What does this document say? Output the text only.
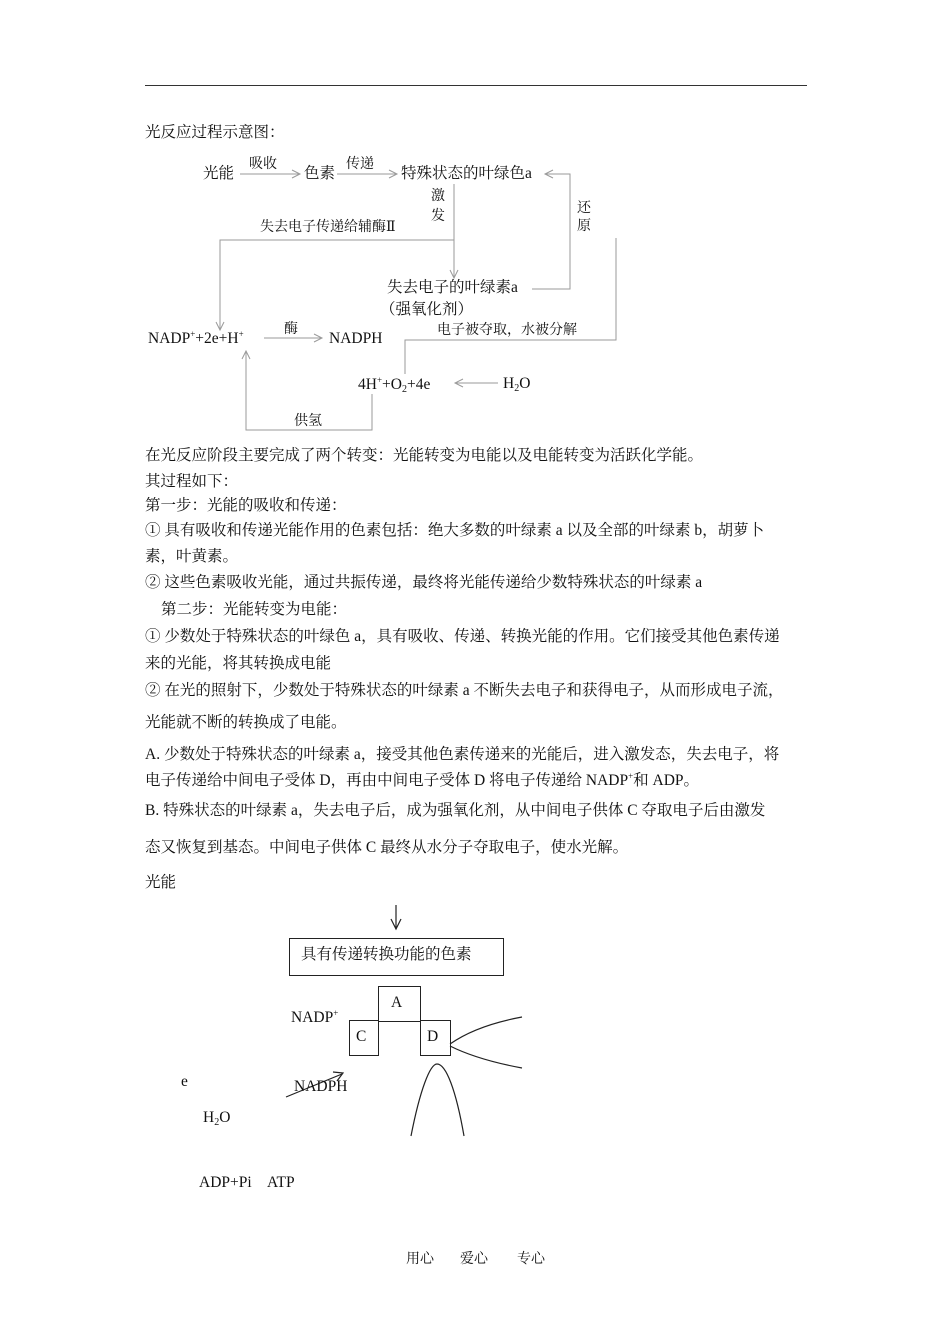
光反应过程示意图：
光能
吸收
色素
传递
特殊状态的叶绿色a
激
发
还
原
失去电子传递给辅酶Ⅱ
失去电子的叶绿素a
（强氧化剂）
NADP++2e+H+	酶
NADPH	电子被夺取，水被分解
$4H^++O_2+4e$	$H_2O$
供氢
在光反应阶段主要完成了两个转变：光能转变为电能以及电能转变为活跃化学能。
其过程如下：
第一步：光能的吸收和传递：
① 具有吸收和传递光能作用的色素包括：绝大多数的叶绿素 a 以及全部的叶绿素 b，胡萝卜
素，叶黄素。
② 这些色素吸收光能，通过共振传递，最终将光能传递给少数特殊状态的叶绿素 a
第二步：光能转变为电能：
① 少数处于特殊状态的叶绿色 a，具有吸收、传递、转换光能的作用。它们接受其他色素传递
来的光能，将其转换成电能
② 在光的照射下，少数处于特殊状态的叶绿素 a 不断失去电子和获得电子，从而形成电子流，
光能就不断的转换成了电能。
A. 少数处于特殊状态的叶绿素 a，接受其他色素传递来的光能后，进入激发态，失去电子，将
电子传递给中间电子受体 D，再由中间电子受体 D 将电子传递给 NADP+和 ADP。
B. 特殊状态的叶绿素 a，失去电子后，成为强氧化剂，从中间电子供体 C 夺取电子后由激发
态又恢复到基态。中间电子供体 C 最终从水分子夺取电子，使水光解。
光能
具有传递转换功能的色素
A
C	D
NADP+
NADPH
e
$H_2O$
ADP+Pi ATP
用心 爱心 专心
